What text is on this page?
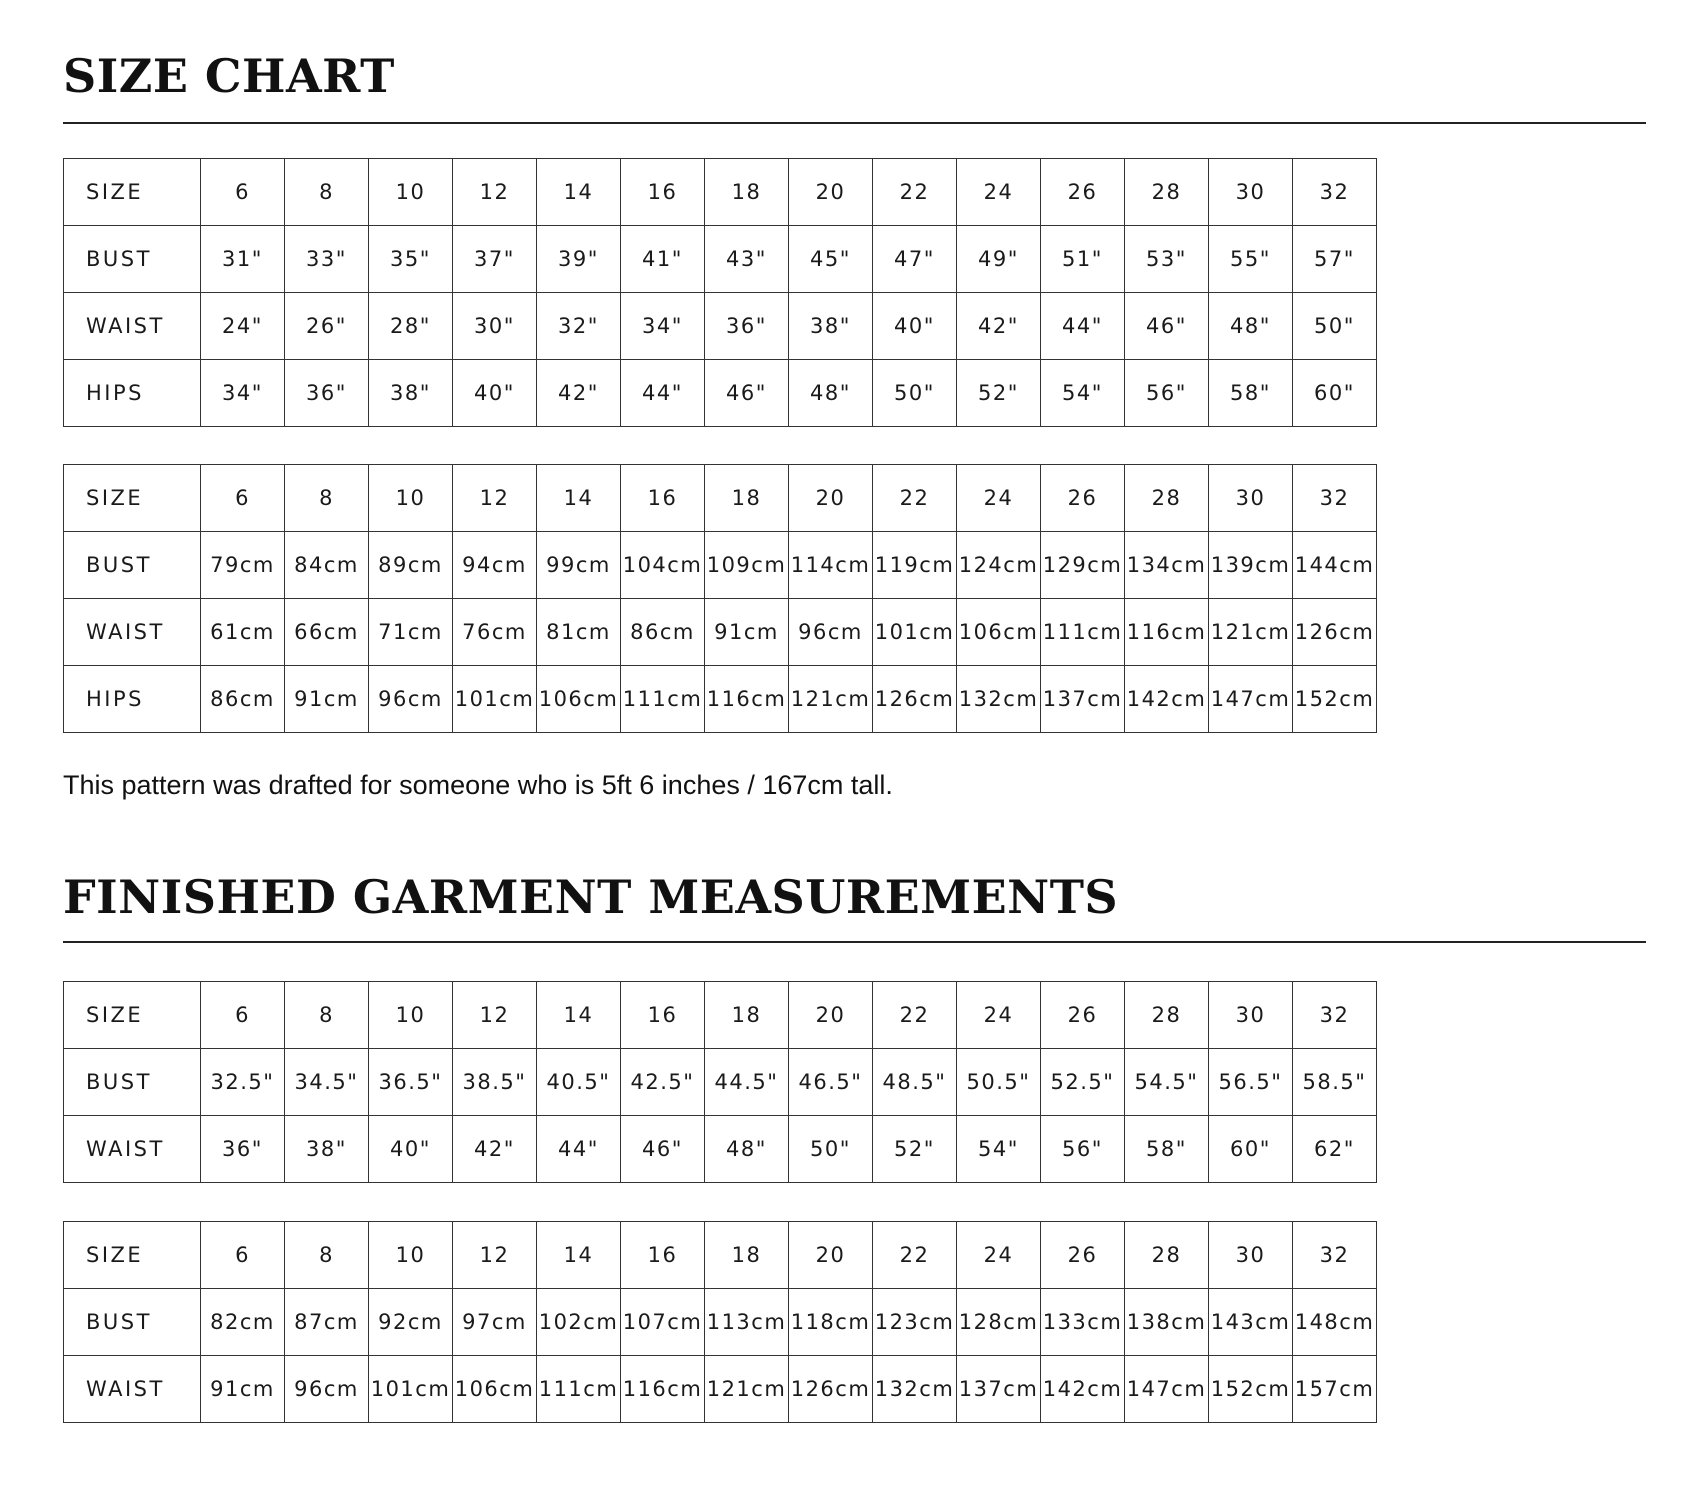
SIZE CHART
SIZE	6	8	10	12	14	16	18	20	22	24	26	28	30	32
BUST	31"	33"	35"	37"	39"	41"	43"	45"	47"	49"	51"	53"	55"	57"
WAIST	24"	26"	28"	30"	32"	34"	36"	38"	40"	42"	44"	46"	48"	50"
HIPS	34"	36"	38"	40"	42"	44"	46"	48"	50"	52"	54"	56"	58"	60"
SIZE	6	8	10	12	14	16	18	20	22	24	26	28	30	32
BUST	79cm	84cm	89cm	94cm	99cm	104cm	109cm	114cm	119cm	124cm	129cm	134cm	139cm	144cm
WAIST	61cm	66cm	71cm	76cm	81cm	86cm	91cm	96cm	101cm	106cm	111cm	116cm	121cm	126cm
HIPS	86cm	91cm	96cm	101cm	106cm	111cm	116cm	121cm	126cm	132cm	137cm	142cm	147cm	152cm

This pattern was drafted for someone who is 5ft 6 inches / 167cm tall.

FINISHED GARMENT MEASUREMENTS
SIZE	6	8	10	12	14	16	18	20	22	24	26	28	30	32
BUST	32.5"	34.5"	36.5"	38.5"	40.5"	42.5"	44.5"	46.5"	48.5"	50.5"	52.5"	54.5"	56.5"	58.5"
WAIST	36"	38"	40"	42"	44"	46"	48"	50"	52"	54"	56"	58"	60"	62"
SIZE	6	8	10	12	14	16	18	20	22	24	26	28	30	32
BUST	82cm	87cm	92cm	97cm	102cm	107cm	113cm	118cm	123cm	128cm	133cm	138cm	143cm	148cm
WAIST	91cm	96cm	101cm	106cm	111cm	116cm	121cm	126cm	132cm	137cm	142cm	147cm	152cm	157cm
